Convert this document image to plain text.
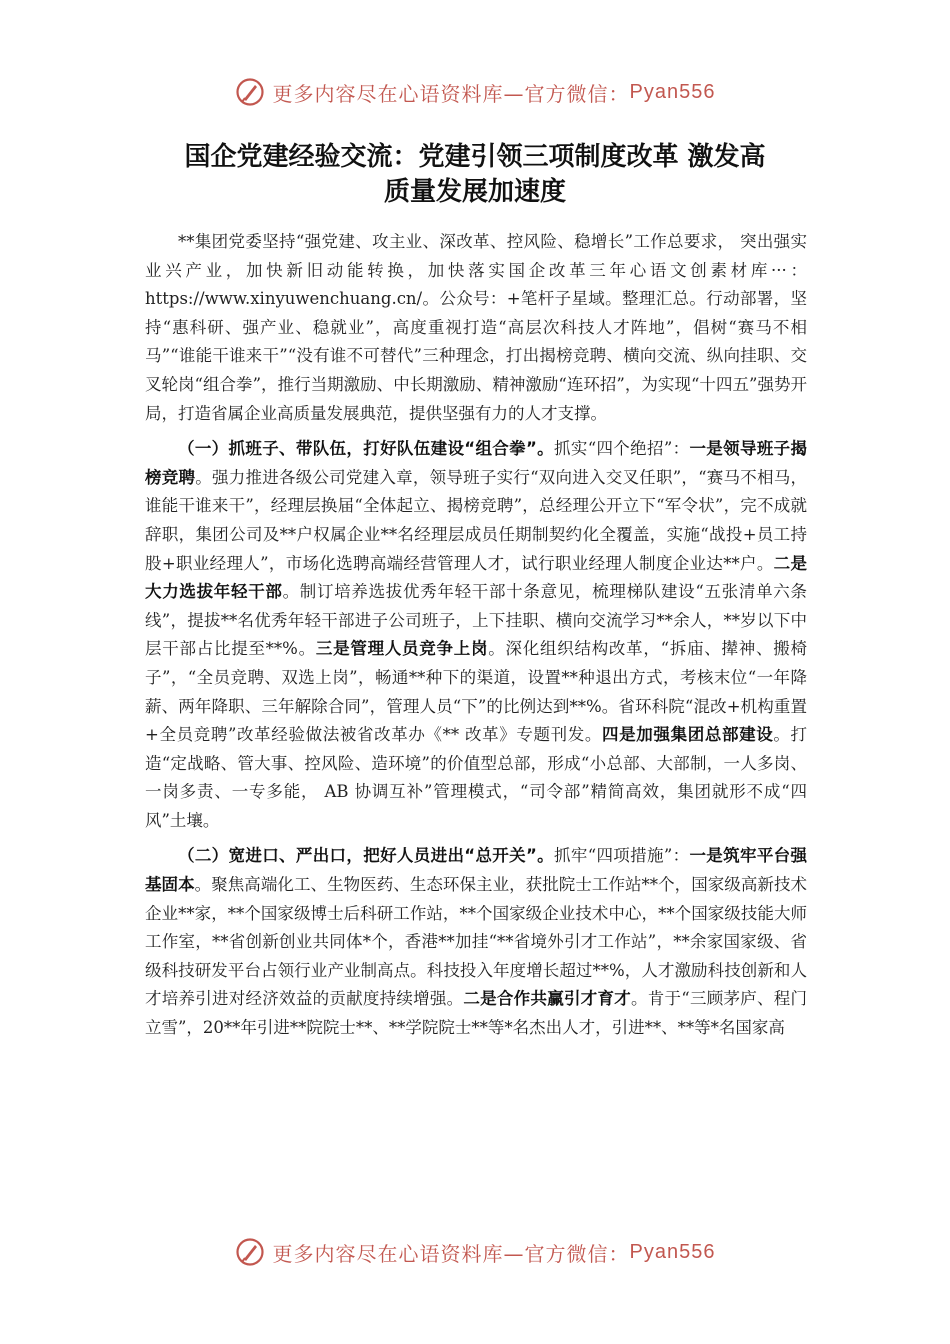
更多内容尽在心语资料库—官方微信： Pyan556
国企党建经验交流：党建引领三项制度改革 激发高
质量发展加速度

**集团党委坚持“强党建、攻主业、深改革、控风险、稳增长”工作总要求， 突出强实业兴产业，加快新旧动能转换，加快落实国企改革三年心语文创素材库···：https://www.xinyuwenchuang.cn/。公众号：+笔杆子星域。整理汇总。行动部署，坚持“惠科研、强产业、稳就业”，高度重视打造“高层次科技人才阵地”，倡树“赛马不相马”“谁能干谁来干”“没有谁不可替代”三种理念，打出揭榜竞聘、横向交流、纵向挂职、交叉轮岗“组合拳”，推行当期激励、中长期激励、精神激励“连环招”，为实现“十四五”强势开局，打造省属企业高质量发展典范，提供坚强有力的人才支撑。

（一）抓班子、带队伍，打好队伍建设“组合拳”。抓实“四个绝招”：一是领导班子揭榜竞聘。强力推进各级公司党建入章，领导班子实行“双向进入交叉任职”，“赛马不相马，谁能干谁来干”，经理层换届“全体起立、揭榜竞聘”，总经理公开立下“军令状”，完不成就辞职，集团公司及**户权属企业**名经理层成员任期制契约化全覆盖，实施“战投+员工持股+职业经理人”，市场化选聘高端经营管理人才，试行职业经理人制度企业达**户。二是大力选拔年轻干部。制订培养选拔优秀年轻干部十条意见，梳理梯队建设“五张清单六条线”，提拔**名优秀年轻干部进子公司班子，上下挂职、横向交流学习**余人，**岁以下中层干部占比提至**%。三是管理人员竞争上岗。深化组织结构改革，“拆庙、撵神、搬椅子”，“全员竞聘、双选上岗”，畅通**种下的渠道，设置**种退出方式，考核末位“一年降薪、两年降职、三年解除合同”，管理人员“下”的比例达到**%。省环科院“混改+机构重置+全员竞聘”改革经验做法被省改革办《** 改革》专题刊发。四是加强集团总部建设。打造“定战略、管大事、控风险、造环境”的价值型总部，形成“小总部、大部制，一人多岗、一岗多责、一专多能， AB 协调互补”管理模式，“司令部”精简高效，集团就形不成“四风”土壤。

（二）宽进口、严出口，把好人员进出“总开关”。抓牢“四项措施”：一是筑牢平台强基固本。聚焦高端化工、生物医药、生态环保主业，获批院士工作站**个，国家级高新技术企业**家，**个国家级博士后科研工作站，**个国家级企业技术中心，**个国家级技能大师工作室，**省创新创业共同体*个，香港**加挂“**省境外引才工作站”，**余家国家级、省级科技研发平台占领行业产业制高点。科技投入年度增长超过**%，人才激励科技创新和人才培养引进对经济效益的贡献度持续增强。二是合作共赢引才育才。肯于“三顾茅庐、程门立雪”，20**年引进**院院士**、**学院院士**等*名杰出人才，引进**、**等*名国家高

更多内容尽在心语资料库—官方微信： Pyan556
